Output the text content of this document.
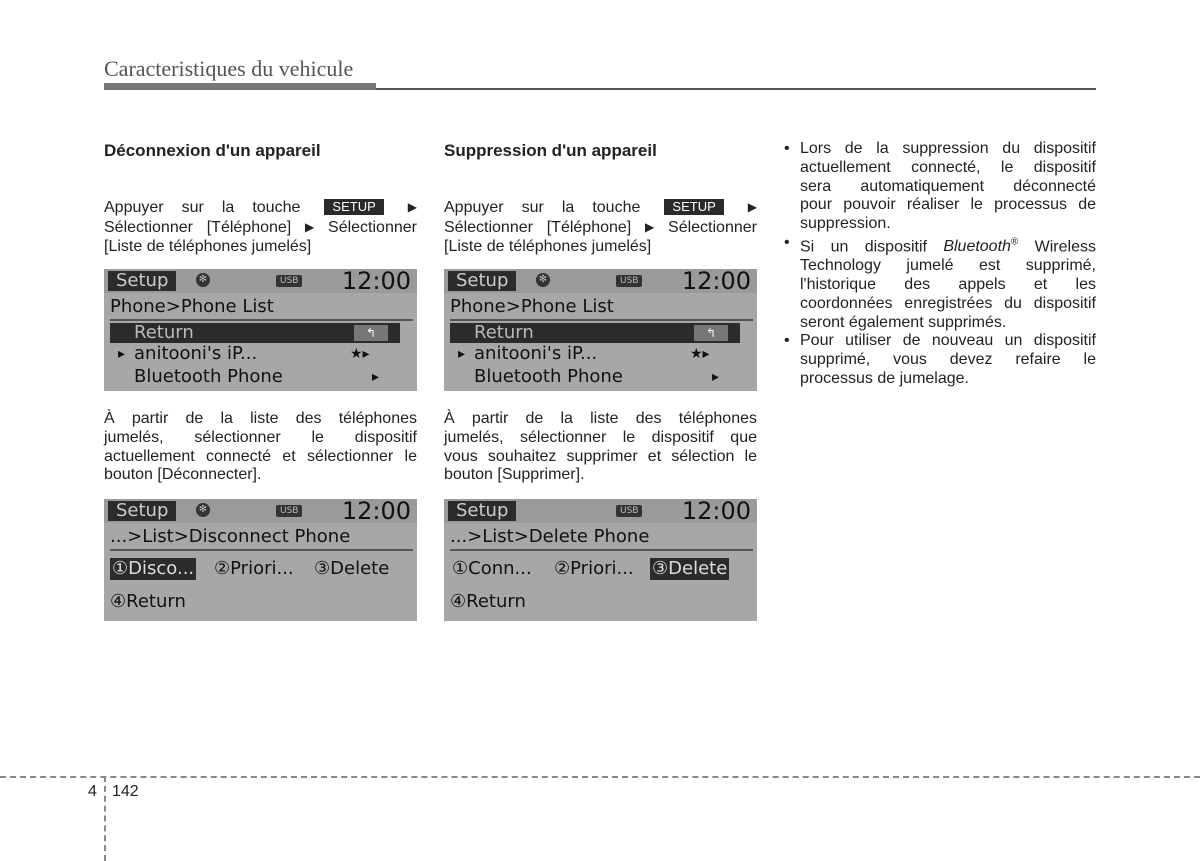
Caracteristiques du vehicule
Déconnexion d'un appareil
Appuyer sur la touche SETUP	▶
Sélectionner [Téléphone] ▶ Sélectionner
[Liste de téléphones jumelés]
Setup	✻	USB 12:00
Phone>Phone List
Return	↰
▸ anitooni's iP...	★▸
Bluetooth Phone	▸
À partir de la liste des téléphones
jumelés, sélectionner le dispositif
actuellement connecté et sélectionner le
bouton [Déconnecter].
Setup	✻	USB 12:00
...>List>Disconnect Phone
①Disco... ②Priori... ③Delete
④Return
Suppression d'un appareil
Appuyer sur la touche SETUP	▶
Sélectionner [Téléphone] ▶ Sélectionner
[Liste de téléphones jumelés]
Setup	✻	USB 12:00
Phone>Phone List
Return	↰
▸ anitooni's iP...	★▸
Bluetooth Phone	▸
À partir de la liste des téléphones
jumelés, sélectionner le dispositif que
vous souhaitez supprimer et sélection le
bouton [Supprimer].
Setup	USB 12:00
...>List>Delete Phone
①Conn... ②Priori... ③Delete
④Return
• Lors de la suppression du dispositif
actuellement connecté, le dispositif
sera automatiquement déconnecté
pour pouvoir réaliser le processus de
suppression.
• Si un dispositif Bluetooth® Wireless
Technology jumelé est supprimé,
l'historique des appels et les
coordonnées enregistrées du dispositif
seront également supprimés.
• Pour utiliser de nouveau un dispositif
supprimé, vous devez refaire le
processus de jumelage.
4 142
